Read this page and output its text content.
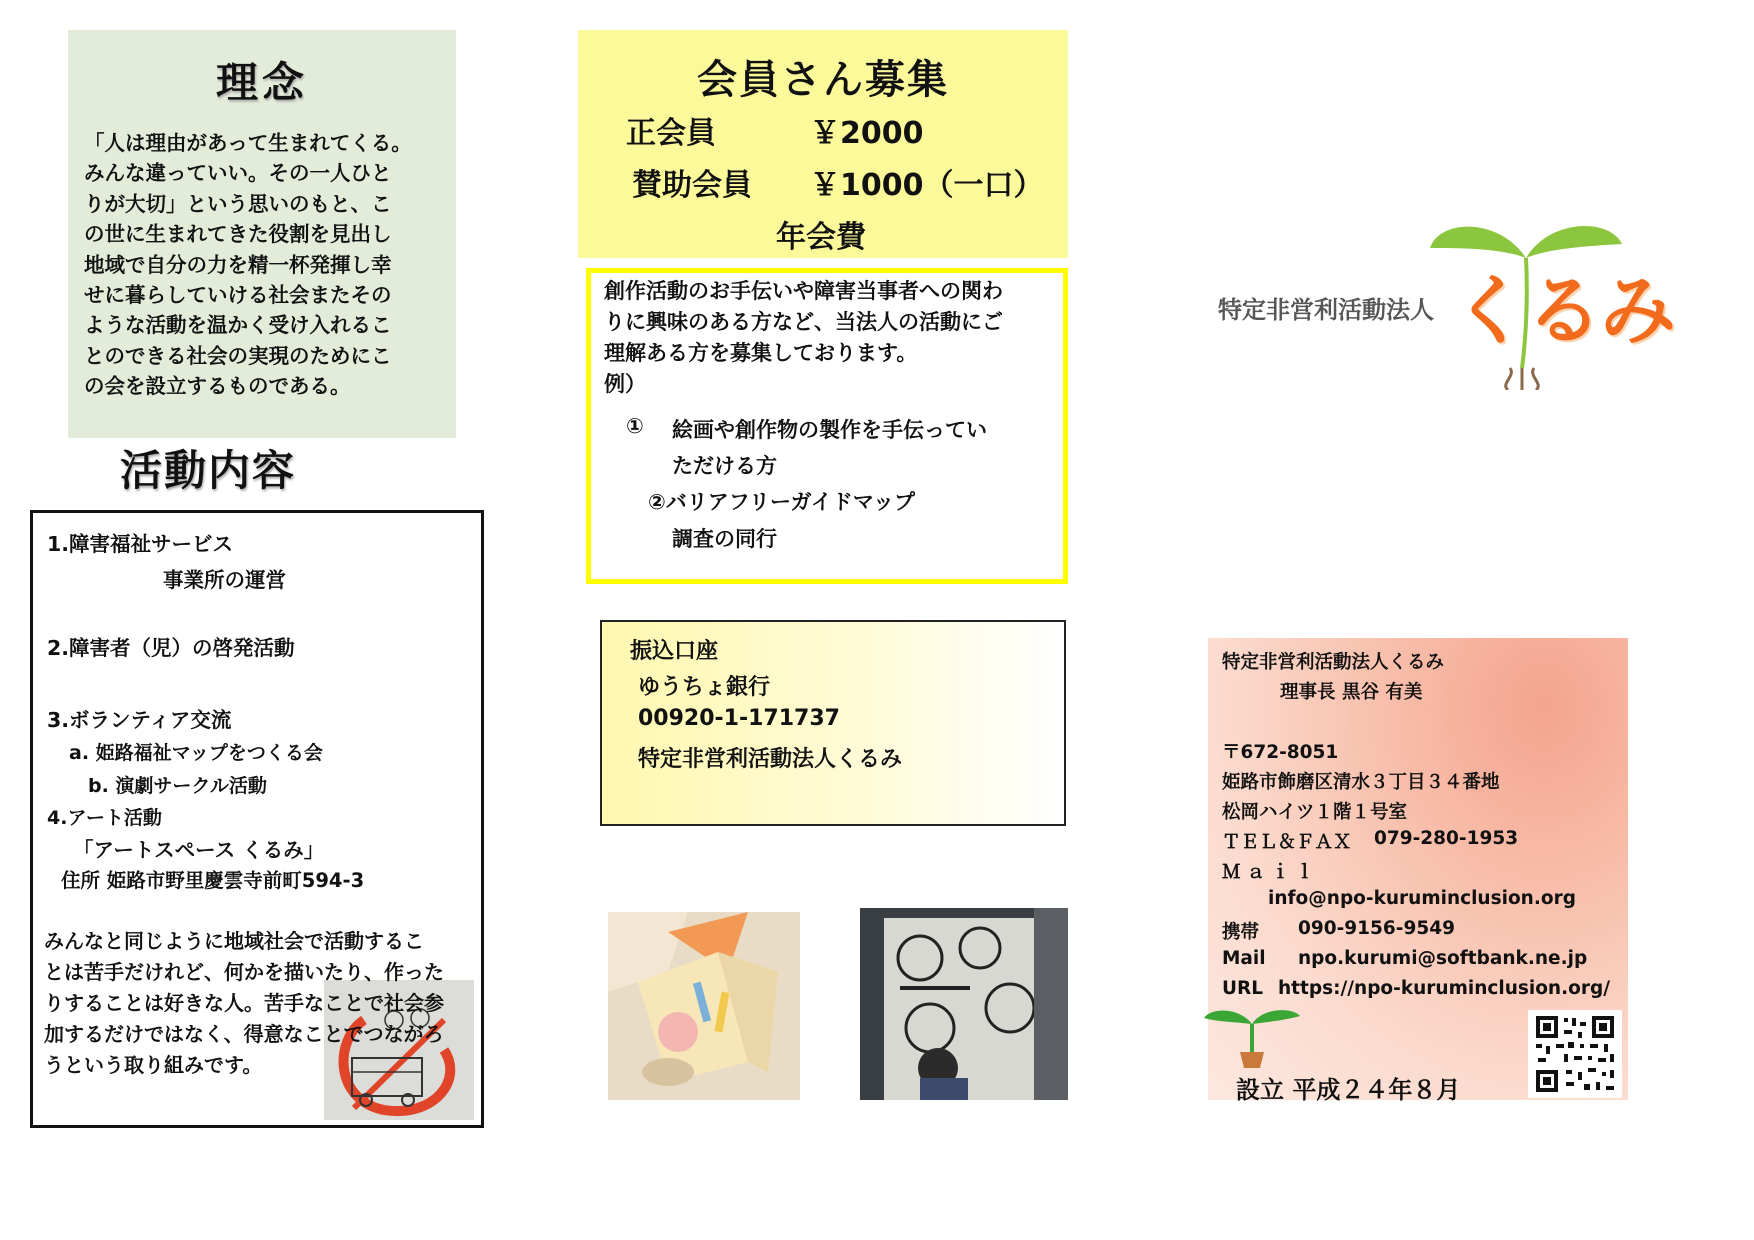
理念
「人は理由があって生まれてくる。
みんな違っていい。その一人ひと
りが大切」という思いのもと、こ
の世に生まれてきた役割を見出し
地域で自分の力を精一杯発揮し幸
せに暮らしていける社会またその
ような活動を温かく受け入れるこ
とのできる社会の実現のためにこ
の会を設立するものである。
活動内容
1.障害福祉サービス
事業所の運営
2.障害者（児）の啓発活動
3.ボランティア交流
a. 姫路福祉マップをつくる会
b. 演劇サークル活動
4.アート活動
「アートスペース くるみ」
住所 姫路市野里慶雲寺前町594-3
みんなと同じように地域社会で活動するこ
とは苦手だけれど、何かを描いたり、作った
りすることは好きな人。苦手なことで社会参
加するだけではなく、得意なことでつながろ
うという取り組みです。
会員さん募集
正会員	￥2000
賛助会員 ￥1000（一口）
年会費
創作活動のお手伝いや障害当事者への関わ
りに興味のある方など、当法人の活動にご
理解ある方を募集しております。
例）
① 絵画や創作物の製作を手伝ってい
ただける方
②バリアフリーガイドマップ
調査の同行
振込口座
ゆうちょ銀行
00920-1-171737
特定非営利活動法人くるみ
特定非営利活動法人 くるみ
特定非営利活動法人くるみ
理事長 黒谷 有美
〒672-8051
姫路市飾磨区清水３丁目３４番地
松岡ハイツ１階１号室
ＴＥＬ＆ＦＡＸ 079-280-1953
Ｍａｉｌ
info@npo-kuruminclusion.org
携帯 090-9156-9549
Mail npo.kurumi@softbank.ne.jp
URL https://npo-kuruminclusion.org/
設立 平成２４年８月
